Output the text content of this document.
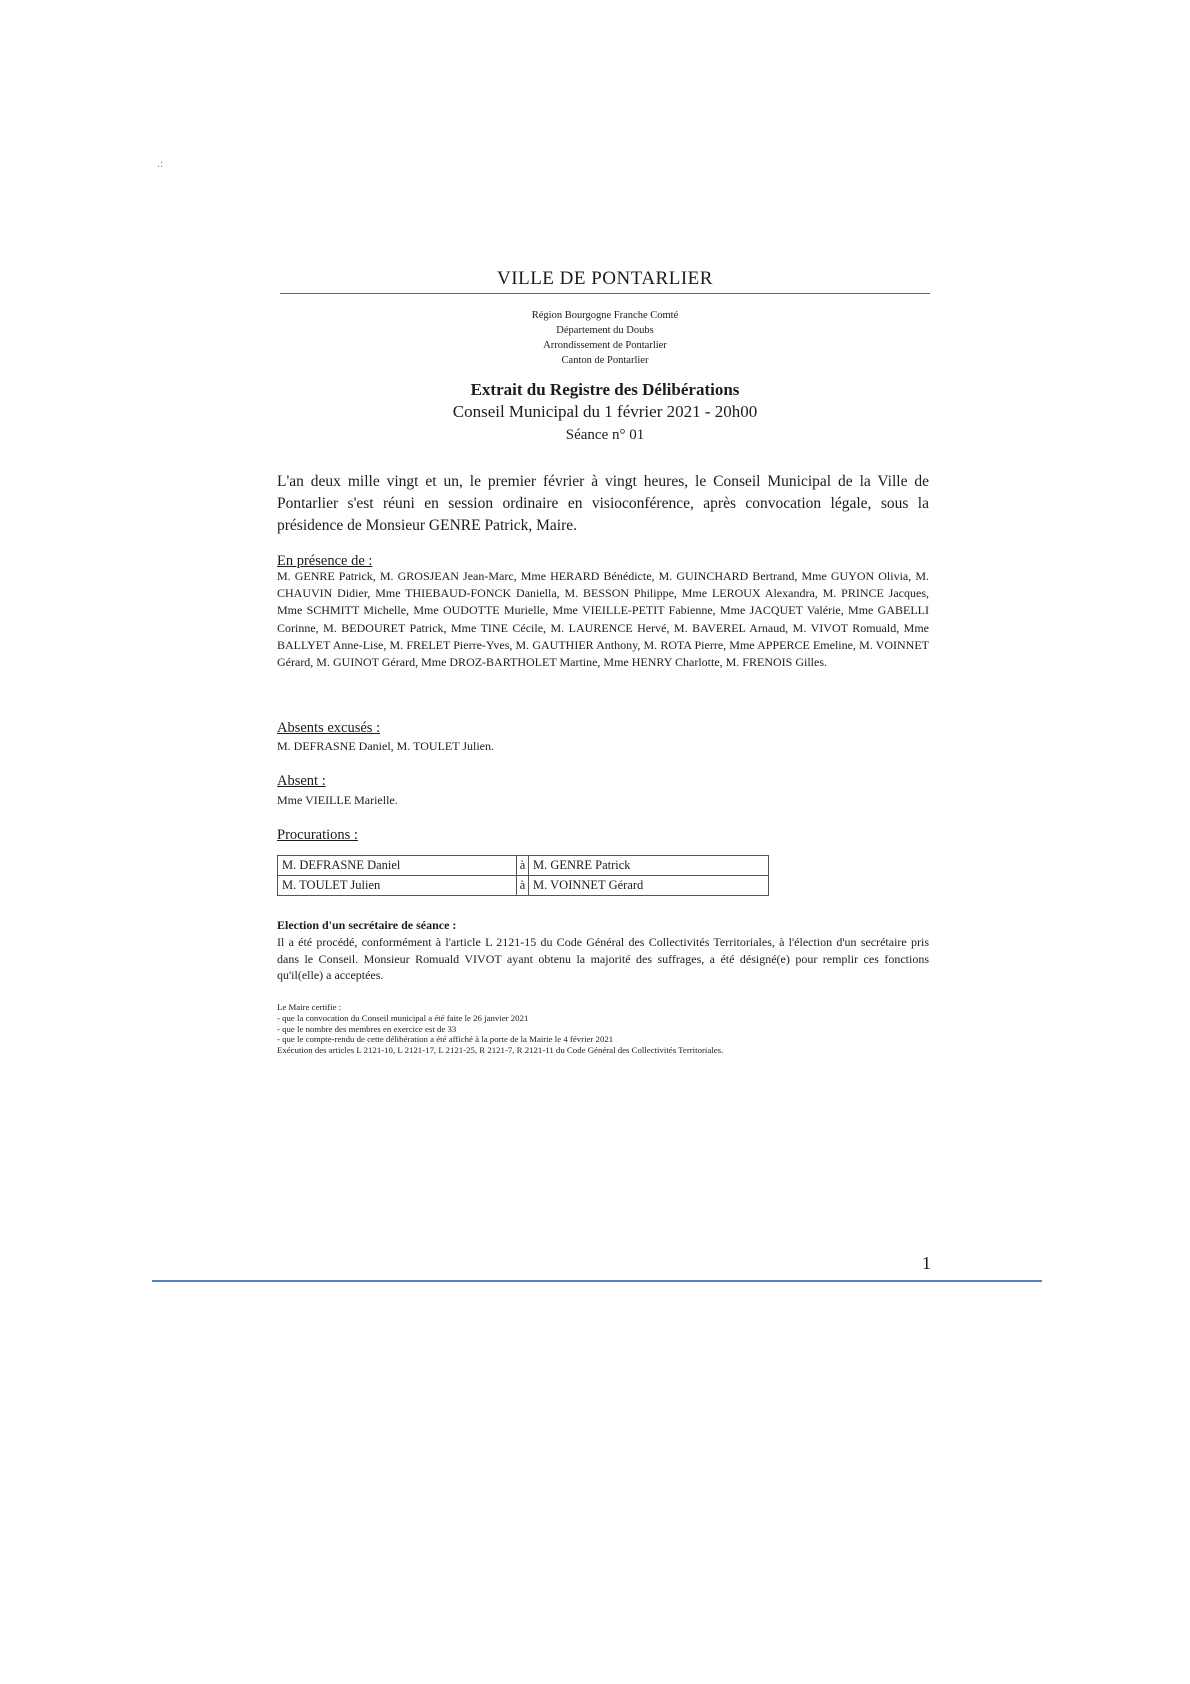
.:
VILLE DE PONTARLIER
Région Bourgogne Franche Comté
Département du Doubs
Arrondissement de Pontarlier
Canton de Pontarlier
Extrait du Registre des Délibérations
Conseil Municipal du 1 février 2021 - 20h00
Séance n° 01
L'an deux mille vingt et un, le premier février à vingt heures, le Conseil Municipal de la Ville de Pontarlier s'est réuni en session ordinaire en visioconférence, après convocation légale, sous la présidence de Monsieur GENRE Patrick, Maire.
En présence de :
M. GENRE Patrick, M. GROSJEAN Jean-Marc, Mme HERARD Bénédicte, M. GUINCHARD Bertrand, Mme GUYON Olivia, M. CHAUVIN Didier, Mme THIEBAUD-FONCK Daniella, M. BESSON Philippe, Mme LEROUX Alexandra, M. PRINCE Jacques, Mme SCHMITT Michelle, Mme OUDOTTE Murielle, Mme VIEILLE-PETIT Fabienne, Mme JACQUET Valérie, Mme GABELLI Corinne, M. BEDOURET Patrick, Mme TINE Cécile, M. LAURENCE Hervé, M. BAVEREL Arnaud, M. VIVOT Romuald, Mme BALLYET Anne-Lise, M. FRELET Pierre-Yves, M. GAUTHIER Anthony, M. ROTA Pierre, Mme APPERCE Emeline, M. VOINNET Gérard, M. GUINOT Gérard, Mme DROZ-BARTHOLET Martine, Mme HENRY Charlotte, M. FRENOIS Gilles.
Absents excusés :
M. DEFRASNE Daniel, M. TOULET Julien.
Absent :
Mme VIEILLE Marielle.
Procurations :
M. DEFRASNE Daniel	à	M. GENRE Patrick
M. TOULET Julien	à	M. VOINNET Gérard
Election d'un secrétaire de séance :
Il a été procédé, conformément à l'article L 2121-15 du Code Général des Collectivités Territoriales, à l'élection d'un secrétaire pris dans le Conseil. Monsieur Romuald VIVOT ayant obtenu la majorité des suffrages, a été désigné(e) pour remplir ces fonctions qu'il(elle) a acceptées.
Le Maire certifie :
- que la convocation du Conseil municipal a été faite le 26 janvier 2021
- que le nombre des membres en exercice est de 33
- que le compte-rendu de cette délibération a été affiché à la porte de la Mairie le 4 février 2021
Exécution des articles L 2121-10, L 2121-17, L 2121-25, R 2121-7, R 2121-11 du Code Général des Collectivités Territoriales.
1
